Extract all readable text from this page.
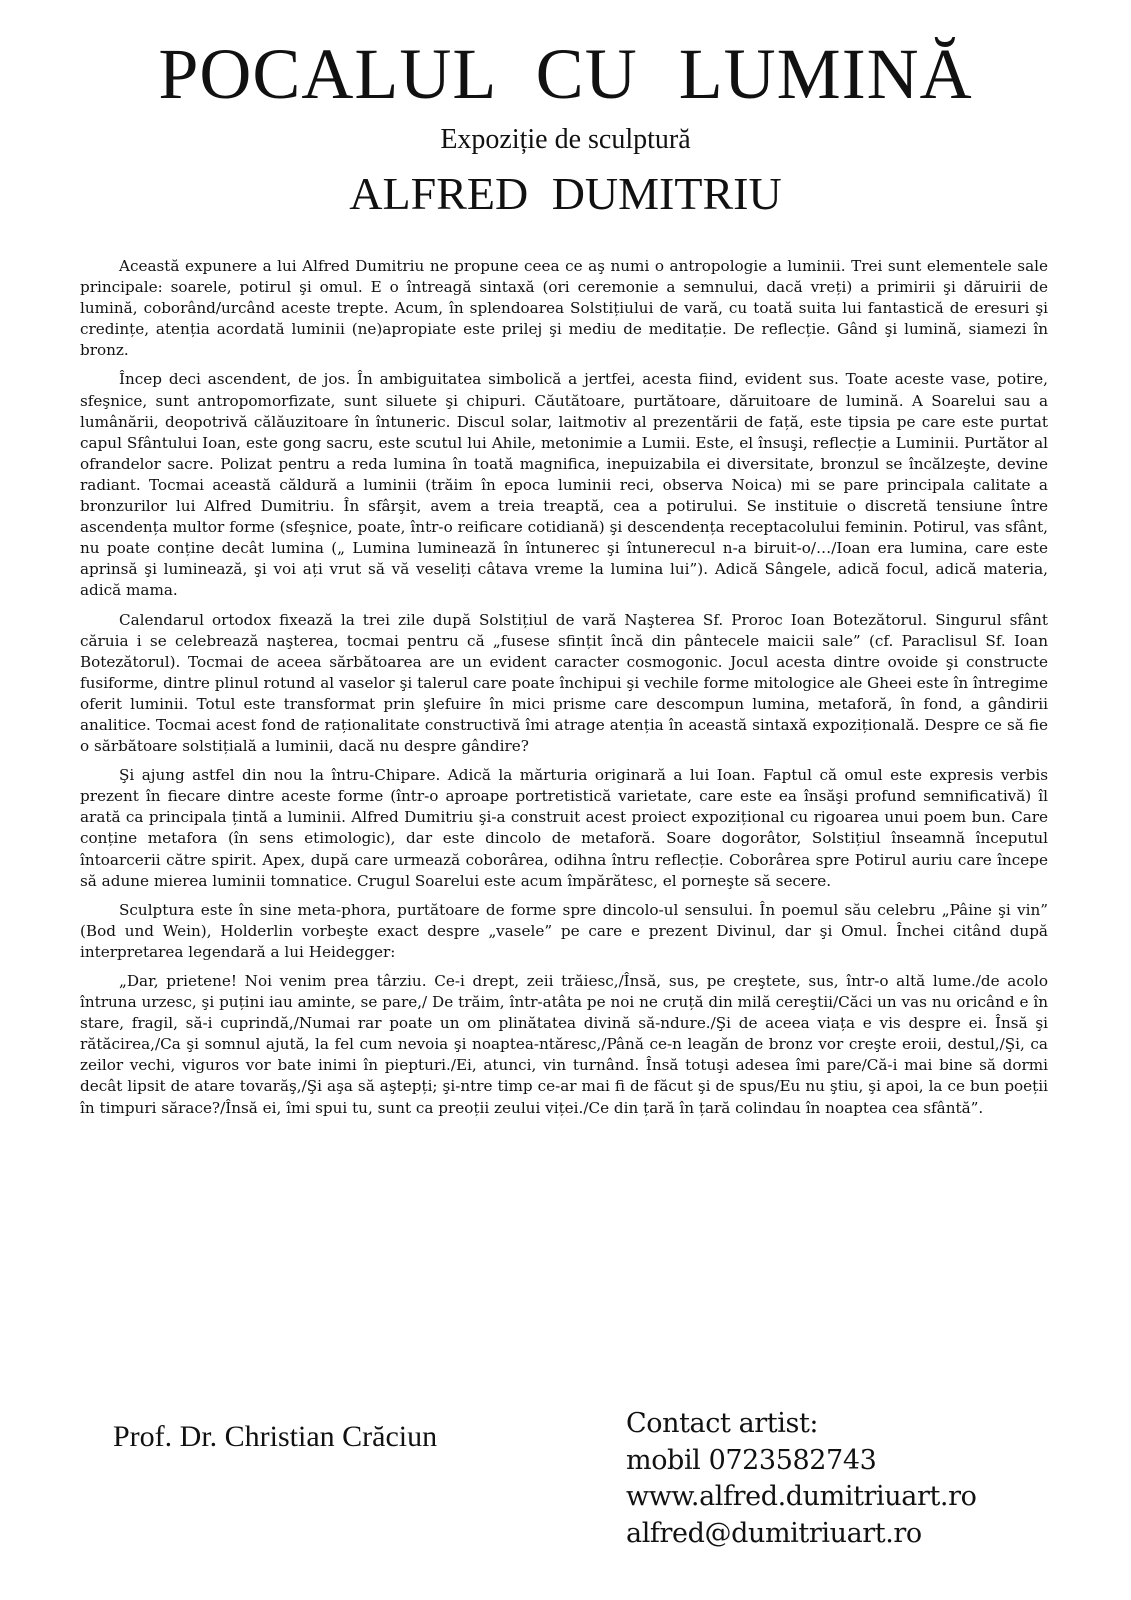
POCALUL CU LUMINĂ
Expoziție de sculptură
ALFRED DUMITRIU

Această expunere a lui Alfred Dumitriu ne propune ceea ce aş numi o antropologie a luminii. Trei sunt elementele sale principale: soarele, potirul şi omul. E o întreagă sintaxă (ori ceremonie a semnului, dacă vreți) a primirii şi dăruirii de lumină, coborând/urcând aceste trepte. Acum, în splendoarea Solstițiului de vară, cu toată suita lui fantastică de eresuri şi credințe, atenția acordată luminii (ne)apropiate este prilej şi mediu de meditație. De reflecție. Gând şi lumină, siamezi în bronz.

Încep deci ascendent, de jos. În ambiguitatea simbolică a jertfei, acesta fiind, evident sus. Toate aceste vase, potire, sfeşnice, sunt antropomorfizate, sunt siluete şi chipuri. Căutătoare, purtătoare, dăruitoare de lumină. A Soarelui sau a lumânării, deopotrivă călăuzitoare în întuneric. Discul solar, laitmotiv al prezentării de față, este tipsia pe care este purtat capul Sfântului Ioan, este gong sacru, este scutul lui Ahile, metonimie a Lumii. Este, el însuşi, reflecție a Luminii. Purtător al ofrandelor sacre. Polizat pentru a reda lumina în toată magnifica, inepuizabila ei diversitate, bronzul se încălzeşte, devine radiant. Tocmai această căldură a luminii (trăim în epoca luminii reci, observa Noica) mi se pare principala calitate a bronzurilor lui Alfred Dumitriu. În sfârşit, avem a treia treaptă, cea a potirului. Se instituie o discretă tensiune între ascendența multor forme (sfeşnice, poate, într-o reificare cotidiană) şi descendența receptacolului feminin. Potirul, vas sfânt, nu poate conține decât lumina („ Lumina luminează în întunerec şi întunerecul n-a biruit-o/…/Ioan era lumina, care este aprinsă şi luminează, şi voi ați vrut să vă veseliți câtava vreme la lumina lui”). Adică Sângele, adică focul, adică materia, adică mama.

Calendarul ortodox fixează la trei zile după Solstițiul de vară Naşterea Sf. Proroc Ioan Botezătorul. Singurul sfânt căruia i se celebrează naşterea, tocmai pentru că „fusese sfințit încă din pântecele maicii sale” (cf. Paraclisul Sf. Ioan Botezătorul). Tocmai de aceea sărbătoarea are un evident caracter cosmogonic. Jocul acesta dintre ovoide şi constructe fusiforme, dintre plinul rotund al vaselor şi talerul care poate închipui şi vechile forme mitologice ale Gheei este în întregime oferit luminii. Totul este transformat prin şlefuire în mici prisme care descompun lumina, metaforă, în fond, a gândirii analitice. Tocmai acest fond de raționalitate constructivă îmi atrage atenția în această sintaxă expozițională. Despre ce să fie o sărbătoare solstițială a luminii, dacă nu despre gândire?

Şi ajung astfel din nou la întru-Chipare. Adică la mărturia originară a lui Ioan. Faptul că omul este expresis verbis prezent în fiecare dintre aceste forme (într-o aproape portretistică varietate, care este ea însăşi profund semnificativă) îl arată ca principala țintă a luminii. Alfred Dumitriu şi-a construit acest proiect expozițional cu rigoarea unui poem bun. Care conține metafora (în sens etimologic), dar este dincolo de metaforă. Soare dogorâtor, Solstițiul înseamnă începutul întoarcerii către spirit. Apex, după care urmează coborârea, odihna întru reflecție. Coborârea spre Potirul auriu care începe să adune mierea luminii tomnatice. Crugul Soarelui este acum împărătesc, el porneşte să secere.

Sculptura este în sine meta-phora, purtătoare de forme spre dincolo-ul sensului. În poemul său celebru „Pâine şi vin” (Bod und Wein), Holderlin vorbeşte exact despre „vasele” pe care e prezent Divinul, dar şi Omul. Închei citând după interpretarea legendară a lui Heidegger:

„Dar, prietene! Noi venim prea târziu. Ce-i drept, zeii trăiesc,/Însă, sus, pe creştete, sus, într-o altă lume./de acolo întruna urzesc, şi puțini iau aminte, se pare,/ De trăim, într-atâta pe noi ne cruță din milă cereştii/Căci un vas nu oricând e în stare, fragil, să-i cuprindă,/Numai rar poate un om plinătatea divină să-ndure./Şi de aceea viața e vis despre ei. Însă şi rătăcirea,/Ca şi somnul ajută, la fel cum nevoia şi noaptea-ntăresc,/Până ce-n leagăn de bronz vor creşte eroii, destul,/Şi, ca zeilor vechi, viguros vor bate inimi în piepturi./Ei, atunci, vin turnând. Însă totuşi adesea îmi pare/Că-i mai bine să dormi decât lipsit de atare tovarăş,/Şi aşa să aştepți; şi-ntre timp ce-ar mai fi de făcut şi de spus/Eu nu ştiu, şi apoi, la ce bun poeții în timpuri sărace?/Însă ei, îmi spui tu, sunt ca preoții zeului viței./Ce din țară în țară colindau în noaptea cea sfântă”.

Prof. Dr. Christian Crăciun	Contact artist:
mobil 0723582743
www.alfred.dumitriuart.ro
alfred@dumitriuart.ro
